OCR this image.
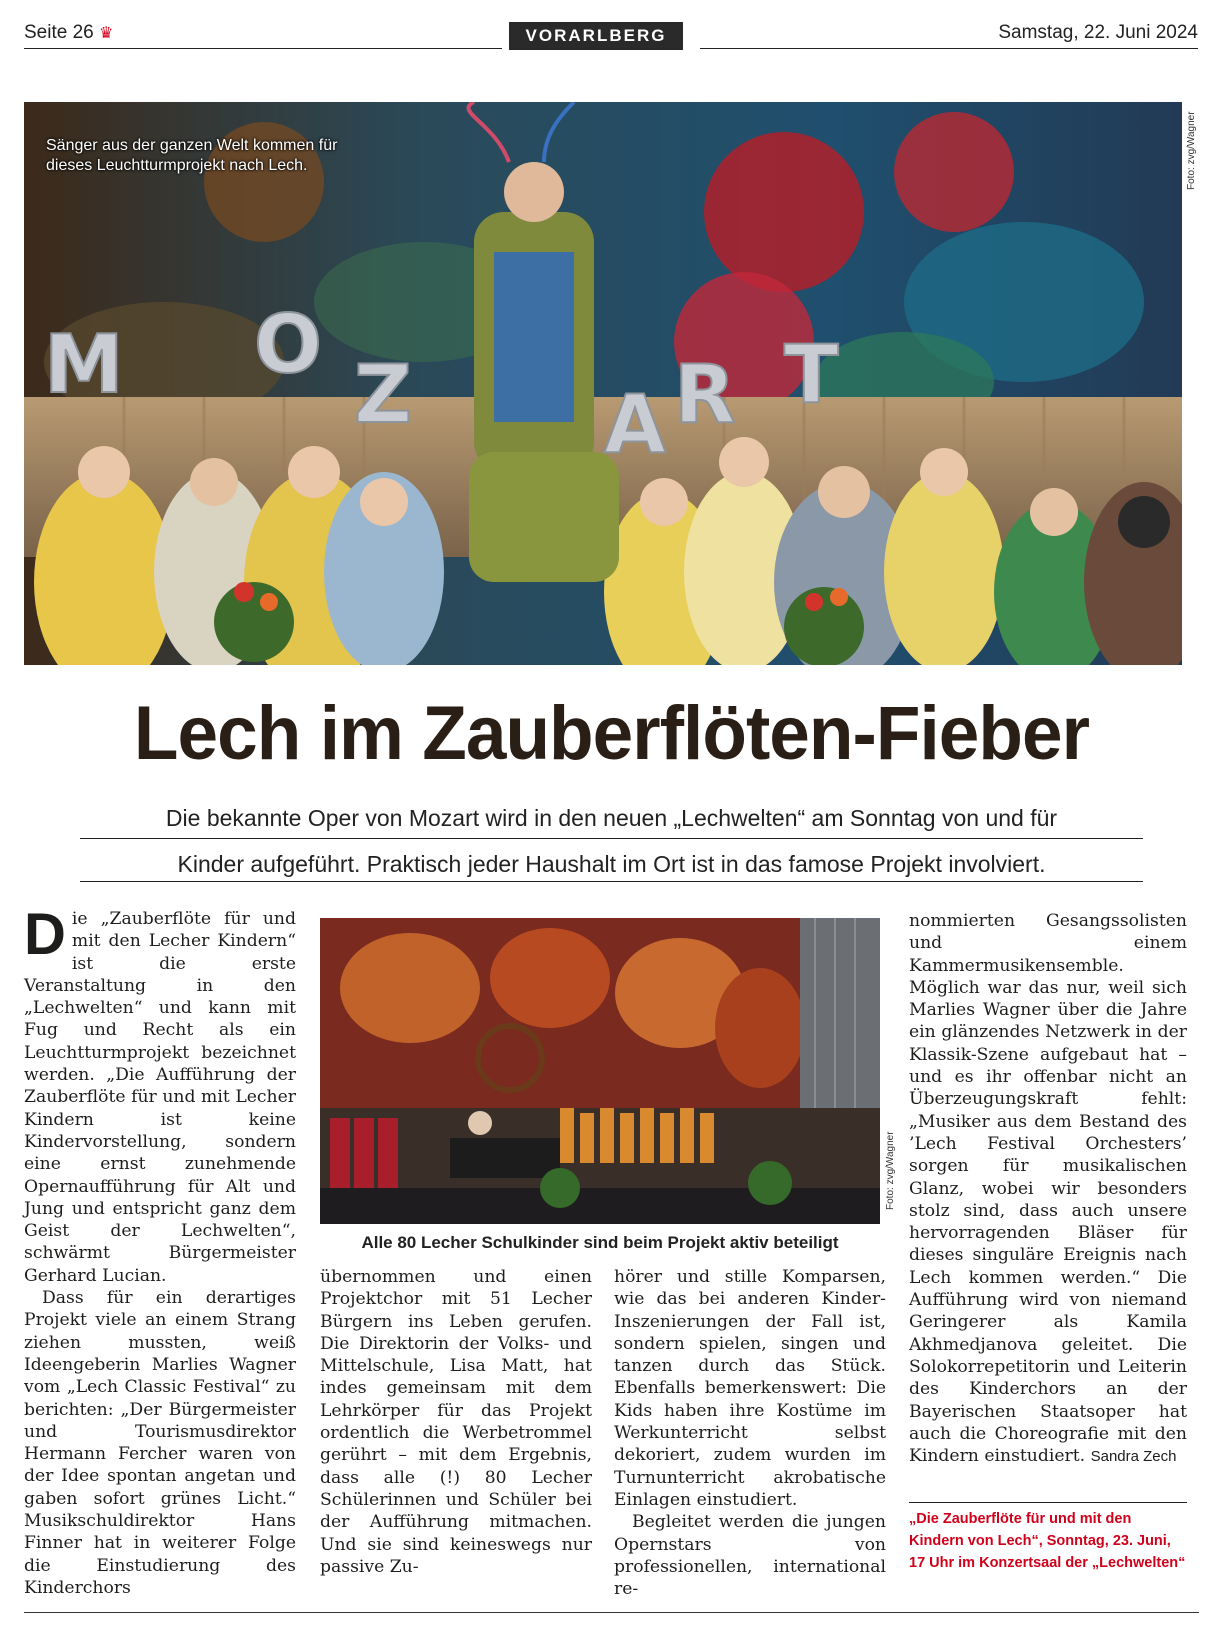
Seite 26 ♛	VORARLBERG	Samstag, 22. Juni 2024
M O
Z A R T
Sänger aus der ganzen Welt kommen für dieses Leuchtturmprojekt nach Lech.	Foto: zvg/Wagner
Lech im Zauberflöten-Fieber
Die bekannte Oper von Mozart wird in den neuen „Lechwelten“ am Sonntag von und für
Kinder aufgeführt. Praktisch jeder Haushalt im Ort ist in das famose Projekt involviert.

Die „Zauberflöte für und mit den Lecher Kindern“ ist die erste Veranstaltung in den „Lechwelten“ und kann mit Fug und Recht als ein Leuchtturmprojekt bezeichnet werden. „Die Aufführung der Zauberflöte für und mit Lecher Kindern ist keine Kindervorstellung, sondern eine ernst zunehmende Opernaufführung für Alt und Jung und entspricht ganz dem Geist der Lechwelten“, schwärmt Bürgermeister Gerhard Lucian.

Dass für ein derartiges Projekt viele an einem Strang ziehen mussten, weiß Ideengeberin Marlies Wagner vom „Lech Classic Festival“ zu berichten: „Der Bürgermeister und Tourismusdirektor Hermann Fercher waren von der Idee spontan angetan und gaben sofort grünes Licht.“ Musikschuldirektor Hans Finner hat in weiterer Folge die Einstudierung des Kinderchors

Foto: zvg/Wagner
Alle 80 Lecher Schulkinder sind beim Projekt aktiv beteiligt

übernommen und einen Projektchor mit 51 Lecher Bürgern ins Leben gerufen. Die Direktorin der Volks- und Mittelschule, Lisa Matt, hat indes gemeinsam mit dem Lehrkörper für das Projekt ordentlich die Werbetrommel gerührt – mit dem Ergebnis, dass alle (!) 80 Lecher Schülerinnen und Schüler bei der Aufführung mitmachen. Und sie sind keineswegs nur passive Zu-

hörer und stille Komparsen, wie das bei anderen Kinder-Inszenierungen der Fall ist, sondern spielen, singen und tanzen durch das Stück. Ebenfalls bemerkenswert: Die Kids haben ihre Kostüme im Werkunterricht selbst dekoriert, zudem wurden im Turnunterricht akrobatische Einlagen einstudiert.

Begleitet werden die jungen Opernstars von professionellen, international re-

nommierten Gesangssolisten und einem Kammermusikensemble. Möglich war das nur, weil sich Marlies Wagner über die Jahre ein glänzendes Netzwerk in der Klassik-Szene aufgebaut hat – und es ihr offenbar nicht an Überzeugungskraft fehlt: „Musiker aus dem Bestand des ’Lech Festival Orchesters’ sorgen für musikalischen Glanz, wobei wir besonders stolz sind, dass auch unsere hervorragenden Bläser für dieses singuläre Ereignis nach Lech kommen werden.“ Die Aufführung wird von niemand Geringerer als Kamila Akhmedjanova geleitet. Die Solokorrepetitorin und Leiterin des Kinderchors an der Bayerischen Staatsoper hat auch die Choreografie mit den Kindern einstudiert. Sandra Zech

„Die Zauberflöte für und mit den Kindern von Lech“, Sonntag, 23. Juni, 17 Uhr im Konzertsaal der „Lechwelten“
